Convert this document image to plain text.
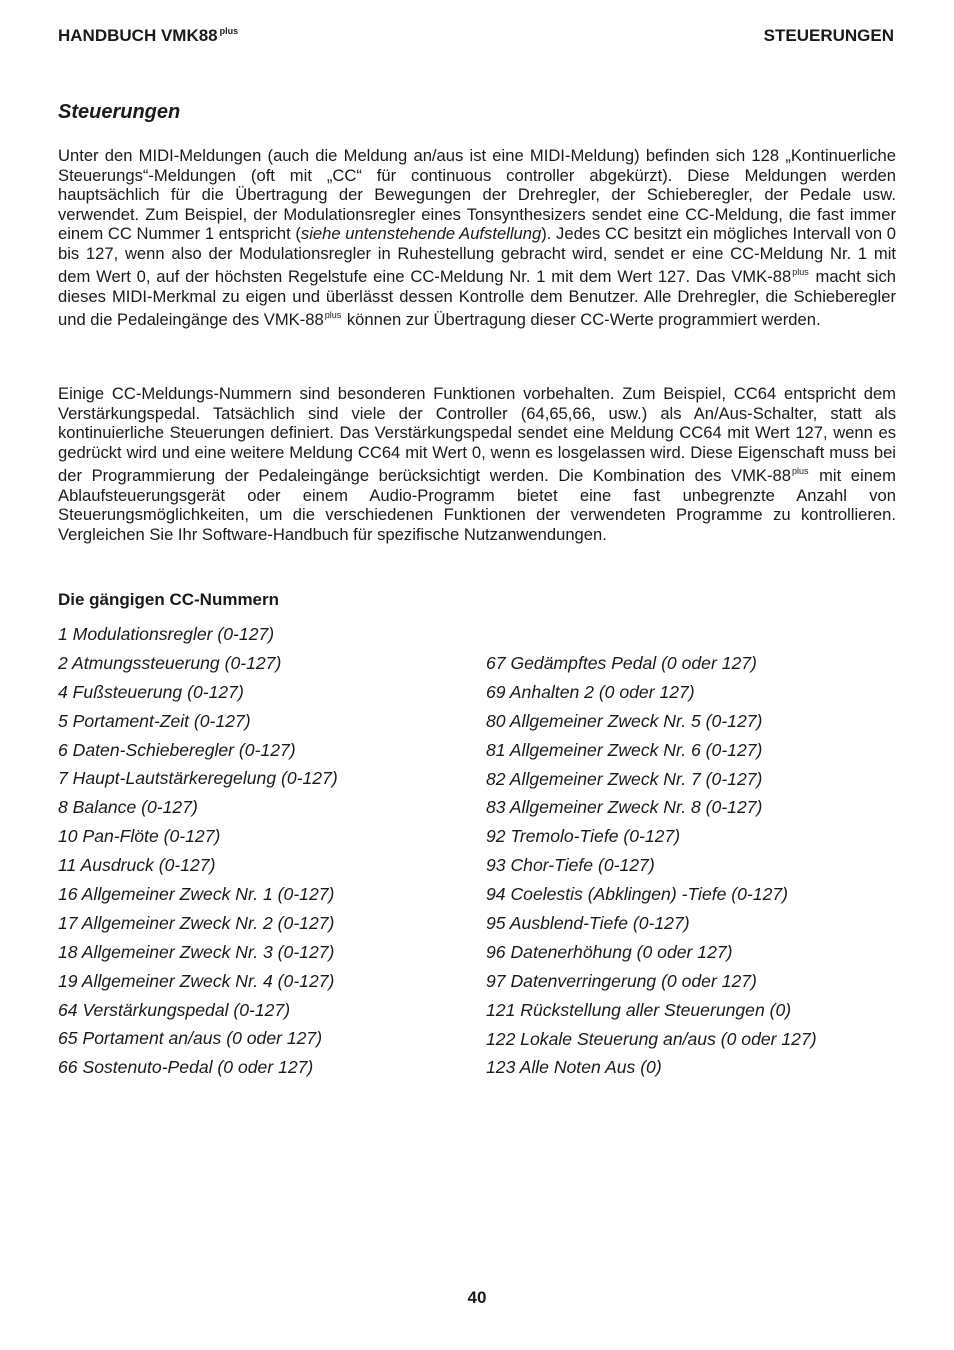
HANDBUCH VMK88 $^{plus}$	STEUERUNGEN
Steuerungen
Unter den MIDI-Meldungen (auch die Meldung an/aus ist eine MIDI-Meldung) befinden sich 128 „Kontinuerliche Steuerungs“-Meldungen (oft mit „CC“ für continuous controller abgekürzt). Diese Meldungen werden hauptsächlich für die Übertragung der Bewegungen der Drehregler, der Schieberegler, der Pedale usw. verwendet. Zum Beispiel, der Modulationsregler eines Tonsynthesizers sendet eine CC-Meldung, die fast immer einem CC Nummer 1 entspricht (siehe untenstehende Aufstellung). Jedes CC besitzt ein mögliches Intervall von 0 bis 127, wenn also der Modulationsregler in Ruhestellung gebracht wird, sendet er eine CC-Meldung Nr. 1 mit dem Wert 0, auf der höchsten Regelstufe eine CC-Meldung Nr. 1 mit dem Wert 127. Das VMK-$88^{plus}$ macht sich dieses MIDI-Merkmal zu eigen und überlässt dessen Kontrolle dem Benutzer. Alle Drehregler, die Schieberegler und die Pedaleingänge des VMK-$88^{plus}$ können zur Übertragung dieser CC-Werte programmiert werden.
Einige CC-Meldungs-Nummern sind besonderen Funktionen vorbehalten. Zum Beispiel, CC64 entspricht dem Verstärkungspedal. Tatsächlich sind viele der Controller (64,65,66, usw.) als An/Aus-Schalter, statt als kontinuierliche Steuerungen definiert. Das Verstärkungspedal sendet eine Meldung CC64 mit Wert 127, wenn es gedrückt wird und eine weitere Meldung CC64 mit Wert 0, wenn es losgelassen wird. Diese Eigenschaft muss bei der Programmierung der Pedaleingänge berücksichtigt werden. Die Kombination des VMK-$88^{plus}$ mit einem Ablaufsteuerungsgerät oder einem Audio-Programm bietet eine fast unbegrenzte Anzahl von Steuerungsmöglichkeiten, um die verschiedenen Funktionen der verwendeten Programme zu kontrollieren. Vergleichen Sie Ihr Software-Handbuch für spezifische Nutzanwendungen.
Die gängigen CC-Nummern
1 Modulationsregler (0-127)
2 Atmungssteuerung (0-127)
4 Fußsteuerung (0-127)
5 Portament-Zeit (0-127)
6 Daten-Schieberegler (0-127)
7 Haupt-Lautstärkeregelung (0-127)
8 Balance (0-127)
10 Pan-Flöte (0-127)
11 Ausdruck (0-127)
16 Allgemeiner Zweck Nr. 1 (0-127)
17 Allgemeiner Zweck Nr. 2 (0-127)
18 Allgemeiner Zweck Nr. 3 (0-127)
19 Allgemeiner Zweck Nr. 4 (0-127)
64 Verstärkungspedal (0-127)
65 Portament an/aus (0 oder 127)
66 Sostenuto-Pedal (0 oder 127)
67 Gedämpftes Pedal (0 oder 127)
69 Anhalten 2 (0 oder 127)
80 Allgemeiner Zweck Nr. 5 (0-127)
81 Allgemeiner Zweck Nr. 6 (0-127)
82 Allgemeiner Zweck Nr. 7 (0-127)
83 Allgemeiner Zweck Nr. 8 (0-127)
92 Tremolo-Tiefe (0-127)
93 Chor-Tiefe (0-127)
94 Coelestis (Abklingen) -Tiefe (0-127)
95 Ausblend-Tiefe (0-127)
96 Datenerhöhung (0 oder 127)
97 Datenverringerung (0 oder 127)
121 Rückstellung aller Steuerungen (0)
122 Lokale Steuerung an/aus (0 oder 127)
123 Alle Noten Aus (0)
40
